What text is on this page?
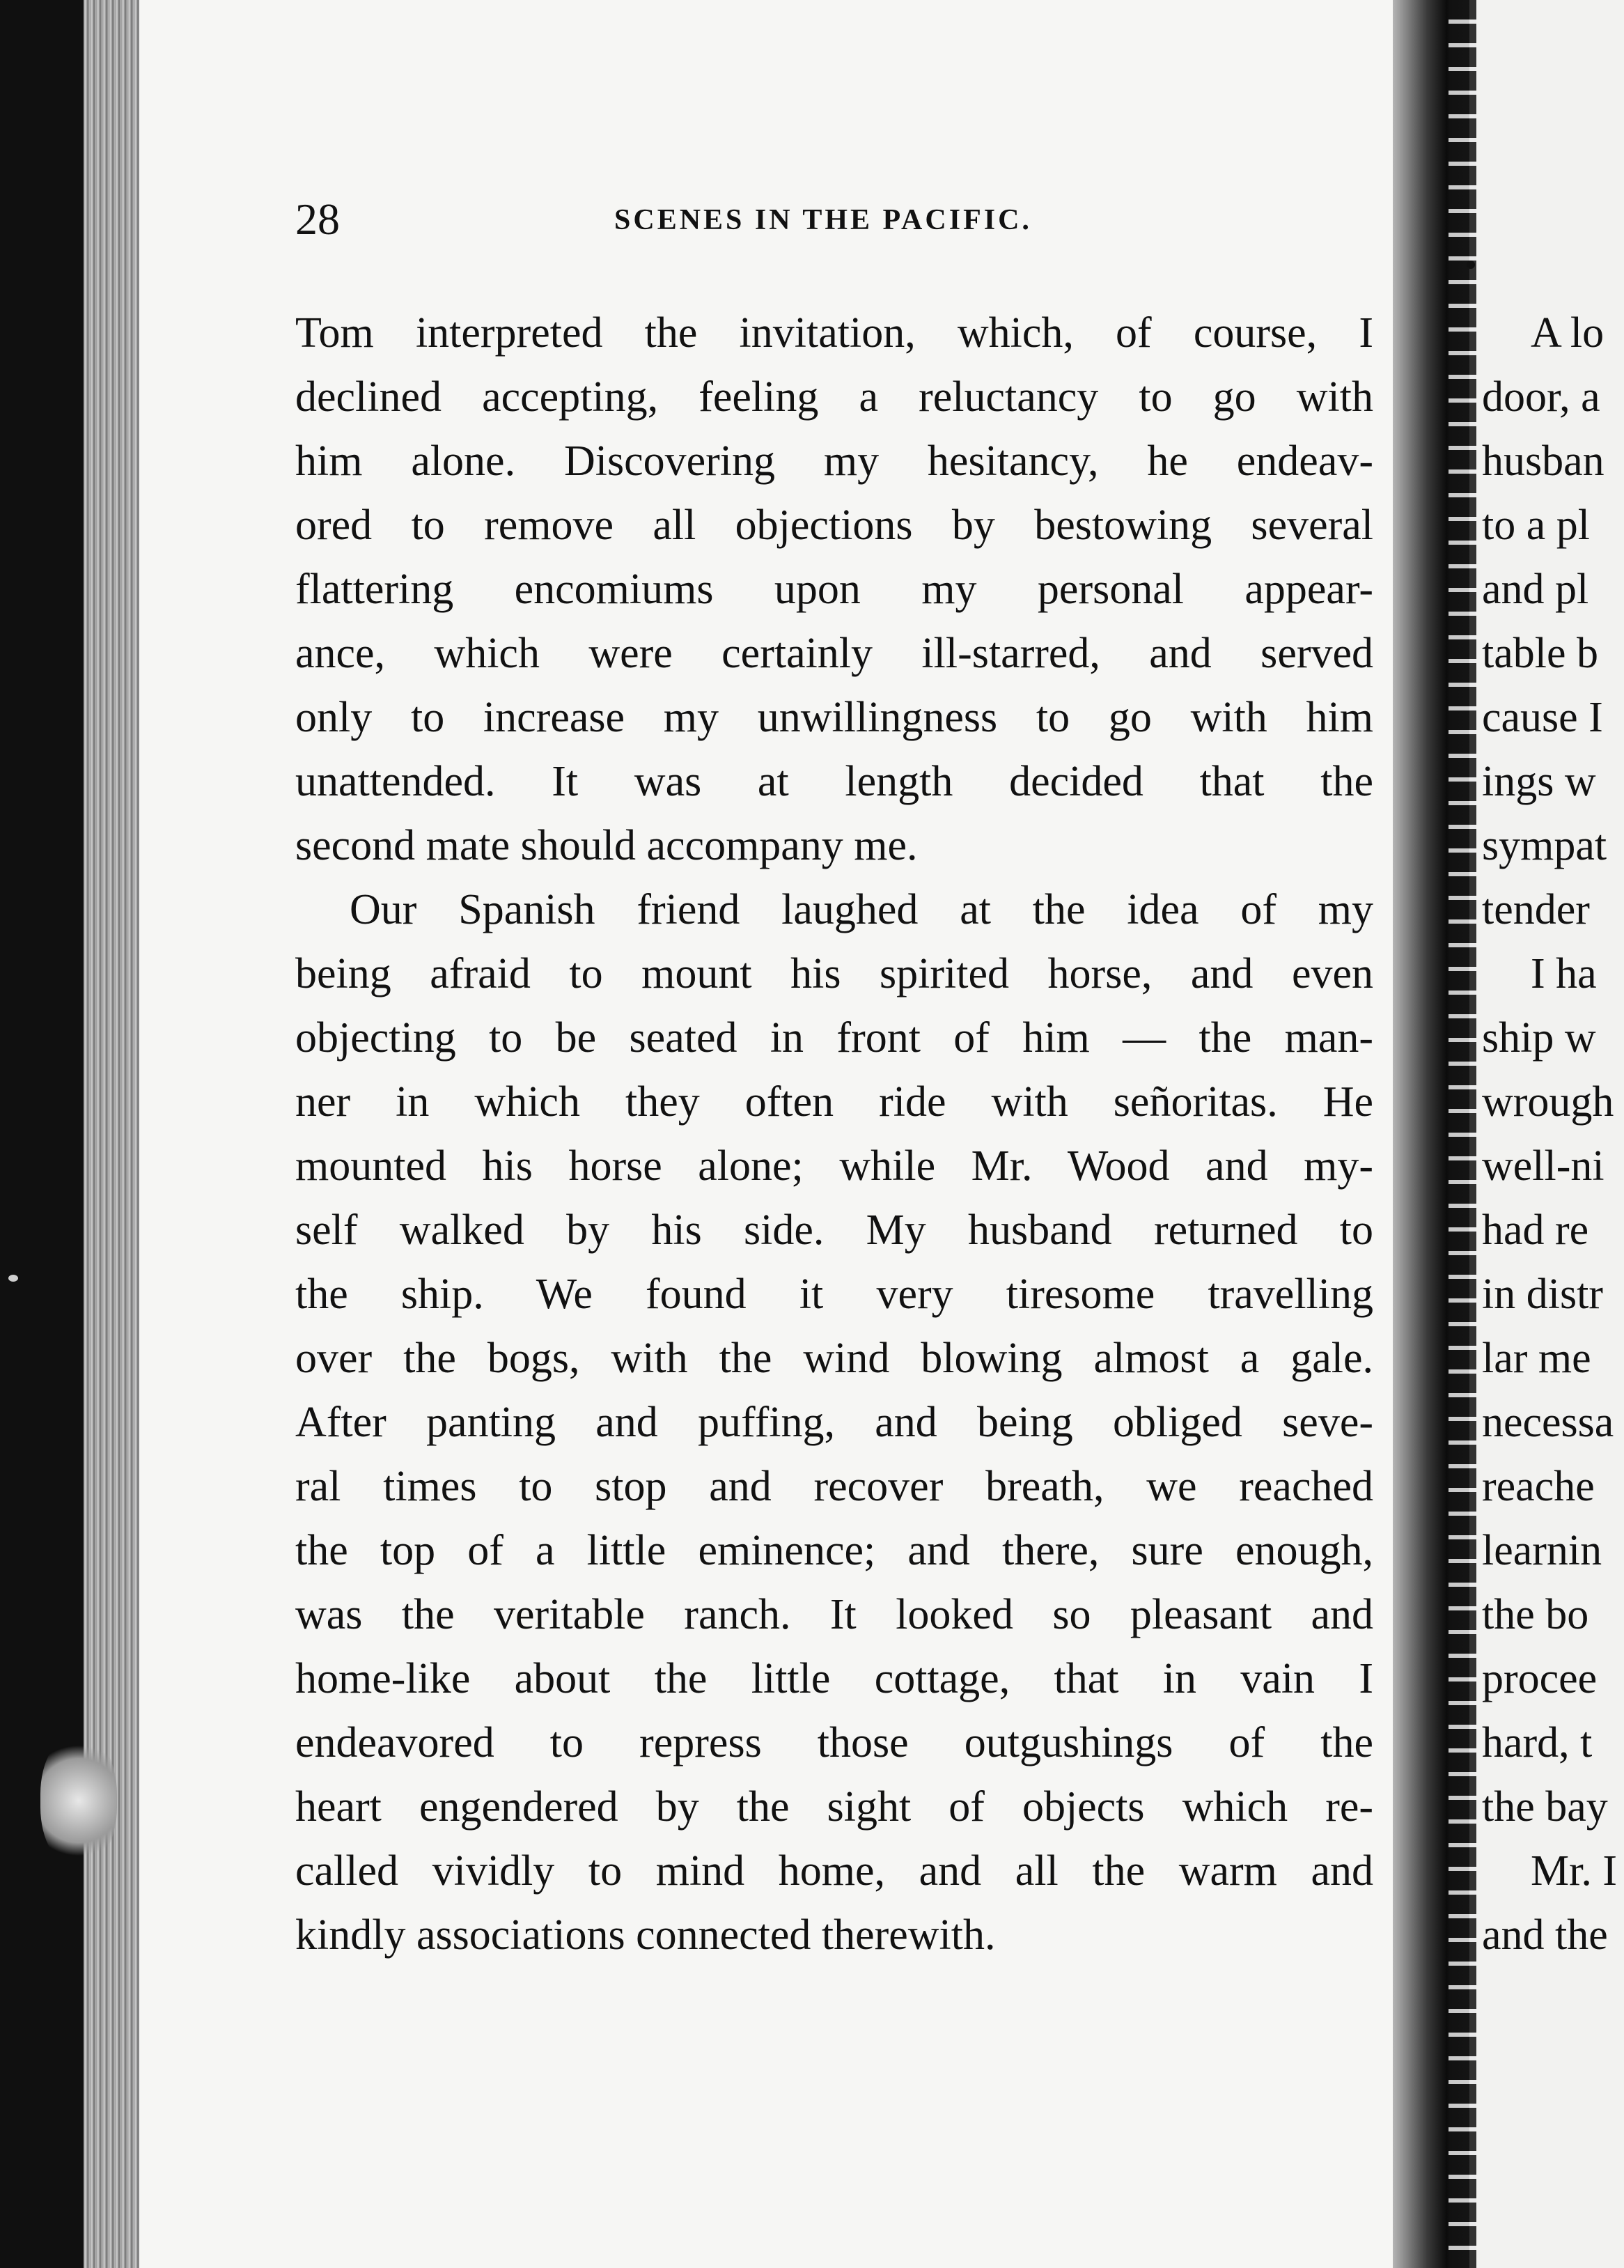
28	SCENES IN THE PACIFIC.
Tom interpreted the invitation, which, of course, I
declined accepting, feeling a reluctancy to go with
him alone. Discovering my hesitancy, he endeav-
ored to remove all objections by bestowing several
flattering encomiums upon my personal appear-
ance, which were certainly ill-starred, and served
only to increase my unwillingness to go with him
unattended. It was at length decided that the
second mate should accompany me.
Our Spanish friend laughed at the idea of my
being afraid to mount his spirited horse, and even
objecting to be seated in front of him — the man-
ner in which they often ride with señoritas. He
mounted his horse alone; while Mr. Wood and my-
self walked by his side. My husband returned to
the ship. We found it very tiresome travelling
over the bogs, with the wind blowing almost a gale.
After panting and puffing, and being obliged seve-
ral times to stop and recover breath, we reached
the top of a little eminence; and there, sure enough,
was the veritable ranch. It looked so pleasant and
home-like about the little cottage, that in vain I
endeavored to repress those outgushings of the
heart engendered by the sight of objects which re-
called vividly to mind home, and all the warm and
kindly associations connected therewith.
A lo
door, a
husban
to a pl
and pl
table b
cause I
ings w
sympat
tender
I ha
ship w
wrough
well-ni
had re
in distr
lar me
necessa
reache
learnin
the bo
procee
hard, t
the bay
Mr. I
and the
